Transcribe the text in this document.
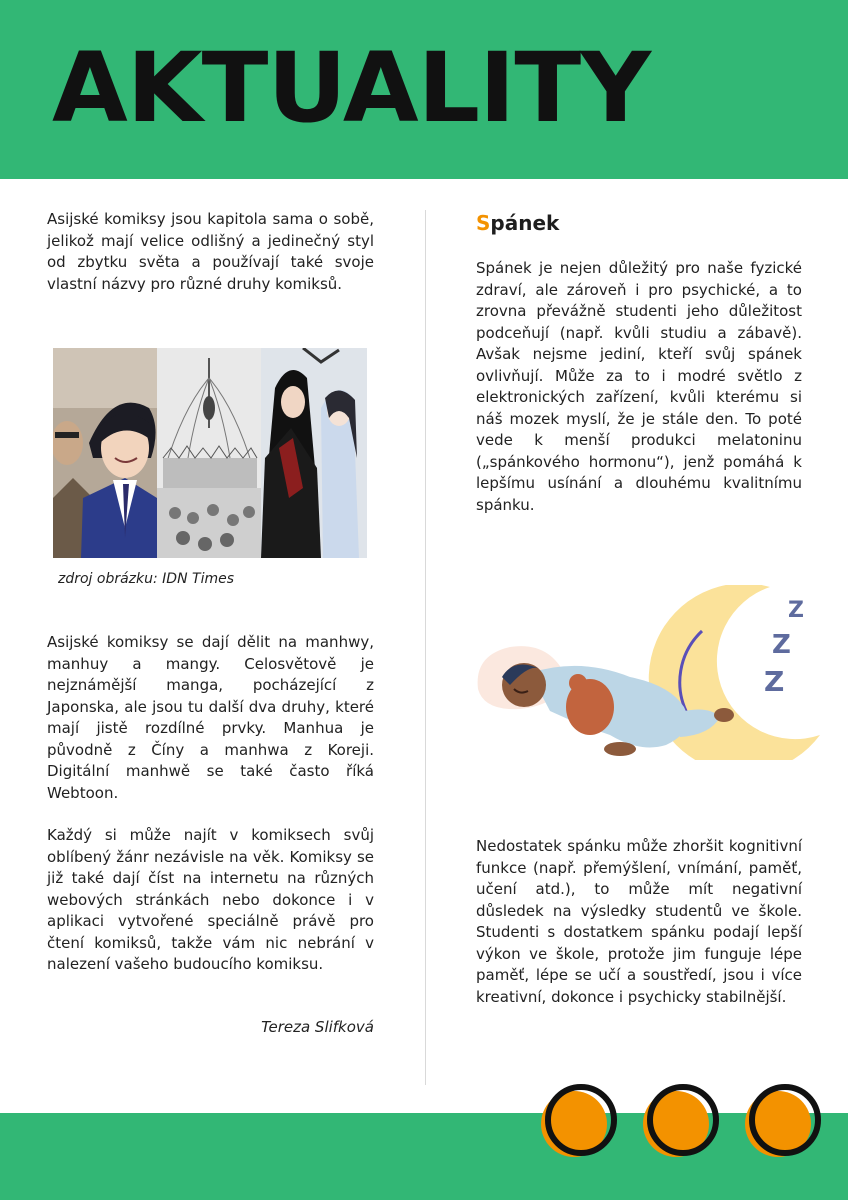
AKTUALITY

Asijské komiksy jsou kapitola sama o sobě, jelikož mají velice odlišný a jedinečný styl od zbytku světa a používají také svoje vlastní názvy pro různé druhy komiksů.

zdroj obrázku: IDN Times

Asijské komiksy se dají dělit na manhwy, manhuy a mangy. Celosvětově je nejznámější manga, pocházející z Japonska, ale jsou tu další dva druhy, které mají jistě rozdílné prvky. Manhua je původně z Číny a manhwa z Koreji. Digitální manhwě se také často říká Webtoon.

Každý si může najít v komiksech svůj oblíbený žánr nezávisle na věk. Komiksy se již také dají číst na internetu na různých webových stránkách nebo dokonce i v aplikaci vytvořené speciálně právě pro čtení komiksů, takže vám nic nebrání v nalezení vašeho budoucího komiksu.

Tereza Slifková
Spánek

Spánek je nejen důležitý pro naše fyzické zdraví, ale zároveň i pro psychické, a to zrovna převážně studenti jeho důležitost podceňují (např. kvůli studiu a zábavě). Avšak nejsme jediní, kteří svůj spánek ovlivňují. Může za to i modré světlo z elektronických zařízení, kvůli kterému si náš mozek myslí, že je stále den. To poté vede k menší produkci melatoninu („spánkového hormonu“), jenž pomáhá k lepšímu usínání a dlouhému kvalitnímu spánku.

Z
Z
Z

Nedostatek spánku může zhoršit kognitivní funkce (např. přemýšlení, vnímání, paměť, učení atd.), to může mít negativní důsledek na výsledky studentů ve škole. Studenti s dostatkem spánku podají lepší výkon ve škole, protože jim funguje lépe paměť, lépe se učí a soustředí, jsou i více kreativní, dokonce i psychicky stabilnější.
